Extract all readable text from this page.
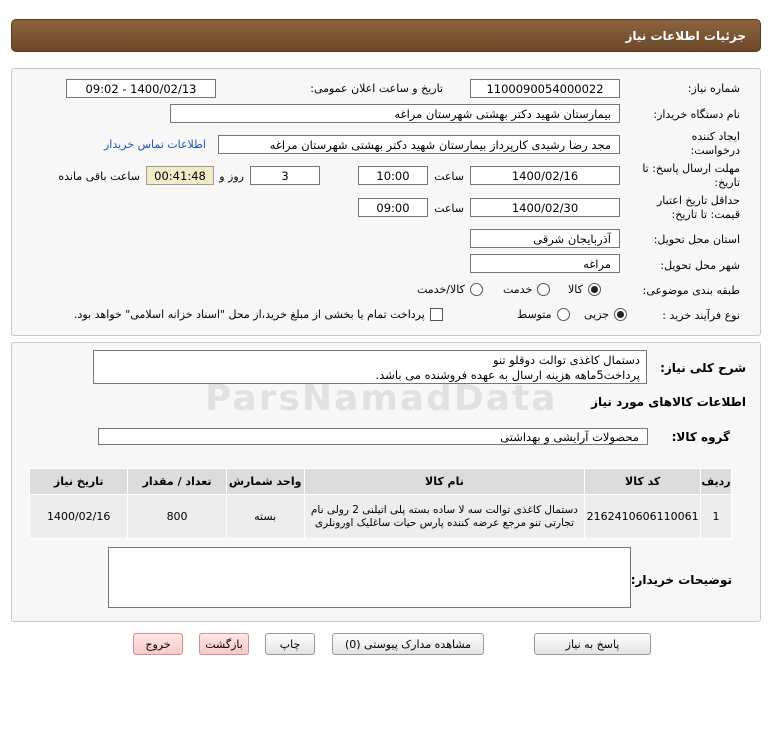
جزئیات اطلاعات نیاز
شماره نیاز:
1100090054000022
تاریخ و ساعت اعلان عمومی:
1400/02/13 - 09:02
نام دستگاه خریدار:
بیمارستان شهید دکتر بهشتی شهرستان مراغه
ایجاد کننده درخواست:
مجد رضا رشیدی کارپرداز بیمارستان شهید دکتر بهشتی شهرستان مراغه
اطلاعات تماس خریدار
مهلت ارسال پاسخ: تا تاریخ:
1400/02/16
ساعت
10:00
3
روز و
00:41:48
ساعت باقی مانده
حداقل تاریخ اعتبار قیمت: تا تاریخ:
1400/02/30
ساعت
09:00
استان محل تحویل:
آذربایجان شرقی
شهر محل تحویل:
مراغه
طبقه بندی موضوعی:
کالا
خدمت
کالا/خدمت
نوع فرآیند خرید :
جزیی
متوسط
پرداخت تمام یا بخشی از مبلغ خرید،از محل "اسناد خزانه اسلامی" خواهد بود.
شرح کلی نیاز:
دستمال کاغذی توالت دوقلو تنو
پرداخت5ماهه هزینه ارسال به عهده فروشنده می باشد.
اطلاعات کالاهای مورد نیاز
گروه کالا:
محصولات آرایشی و بهداشتی
ردیف	کد کالا	نام کالا	واحد شمارش	تعداد / مقدار	تاریخ نیاز
1	2162410606110061	دستمال کاغذی توالت سه لا ساده بسته پلی اتیلنی 2 رولی نام تجارتی تنو مرجع عرضه کننده پارس حیات ساغلیک اورونلری	بسته	800	1400/02/16
توضیحات خریدار:
ParsNamadData
پاسخ به نیاز
مشاهده مدارک پیوستی (0)
چاپ
بازگشت
خروج
